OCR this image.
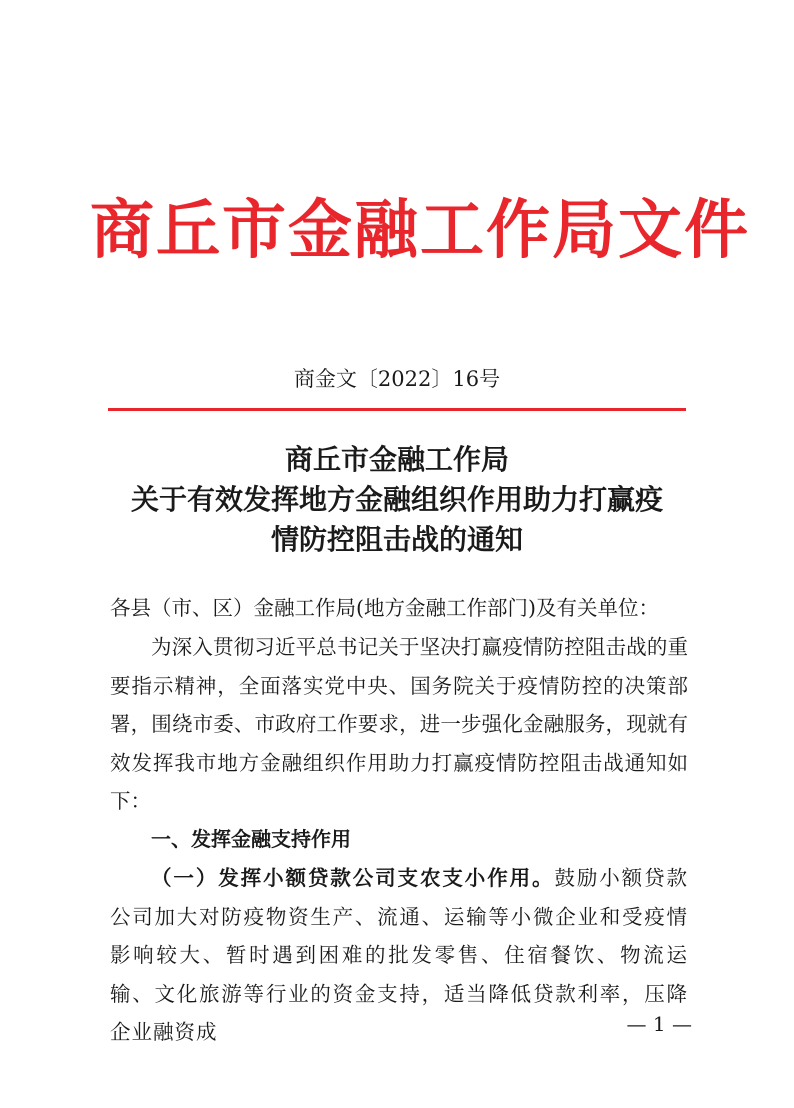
商丘市金融工作局文件
商金文〔2022〕16号
商丘市金融工作局
关于有效发挥地方金融组织作用助力打赢疫
情防控阻击战的通知
各县（市、区）金融工作局(地方金融工作部门)及有关单位：
为深入贯彻习近平总书记关于坚决打赢疫情防控阻击战的重要指示精神，全面落实党中央、国务院关于疫情防控的决策部署，围绕市委、市政府工作要求，进一步强化金融服务，现就有效发挥我市地方金融组织作用助力打赢疫情防控阻击战通知如下：
一、发挥金融支持作用
（一）发挥小额贷款公司支农支小作用。鼓励小额贷款公司加大对防疫物资生产、流通、运输等小微企业和受疫情影响较大、暂时遇到困难的批发零售、住宿餐饮、物流运输、文化旅游等行业的资金支持，适当降低贷款利率，压降企业融资成	— 1 —
